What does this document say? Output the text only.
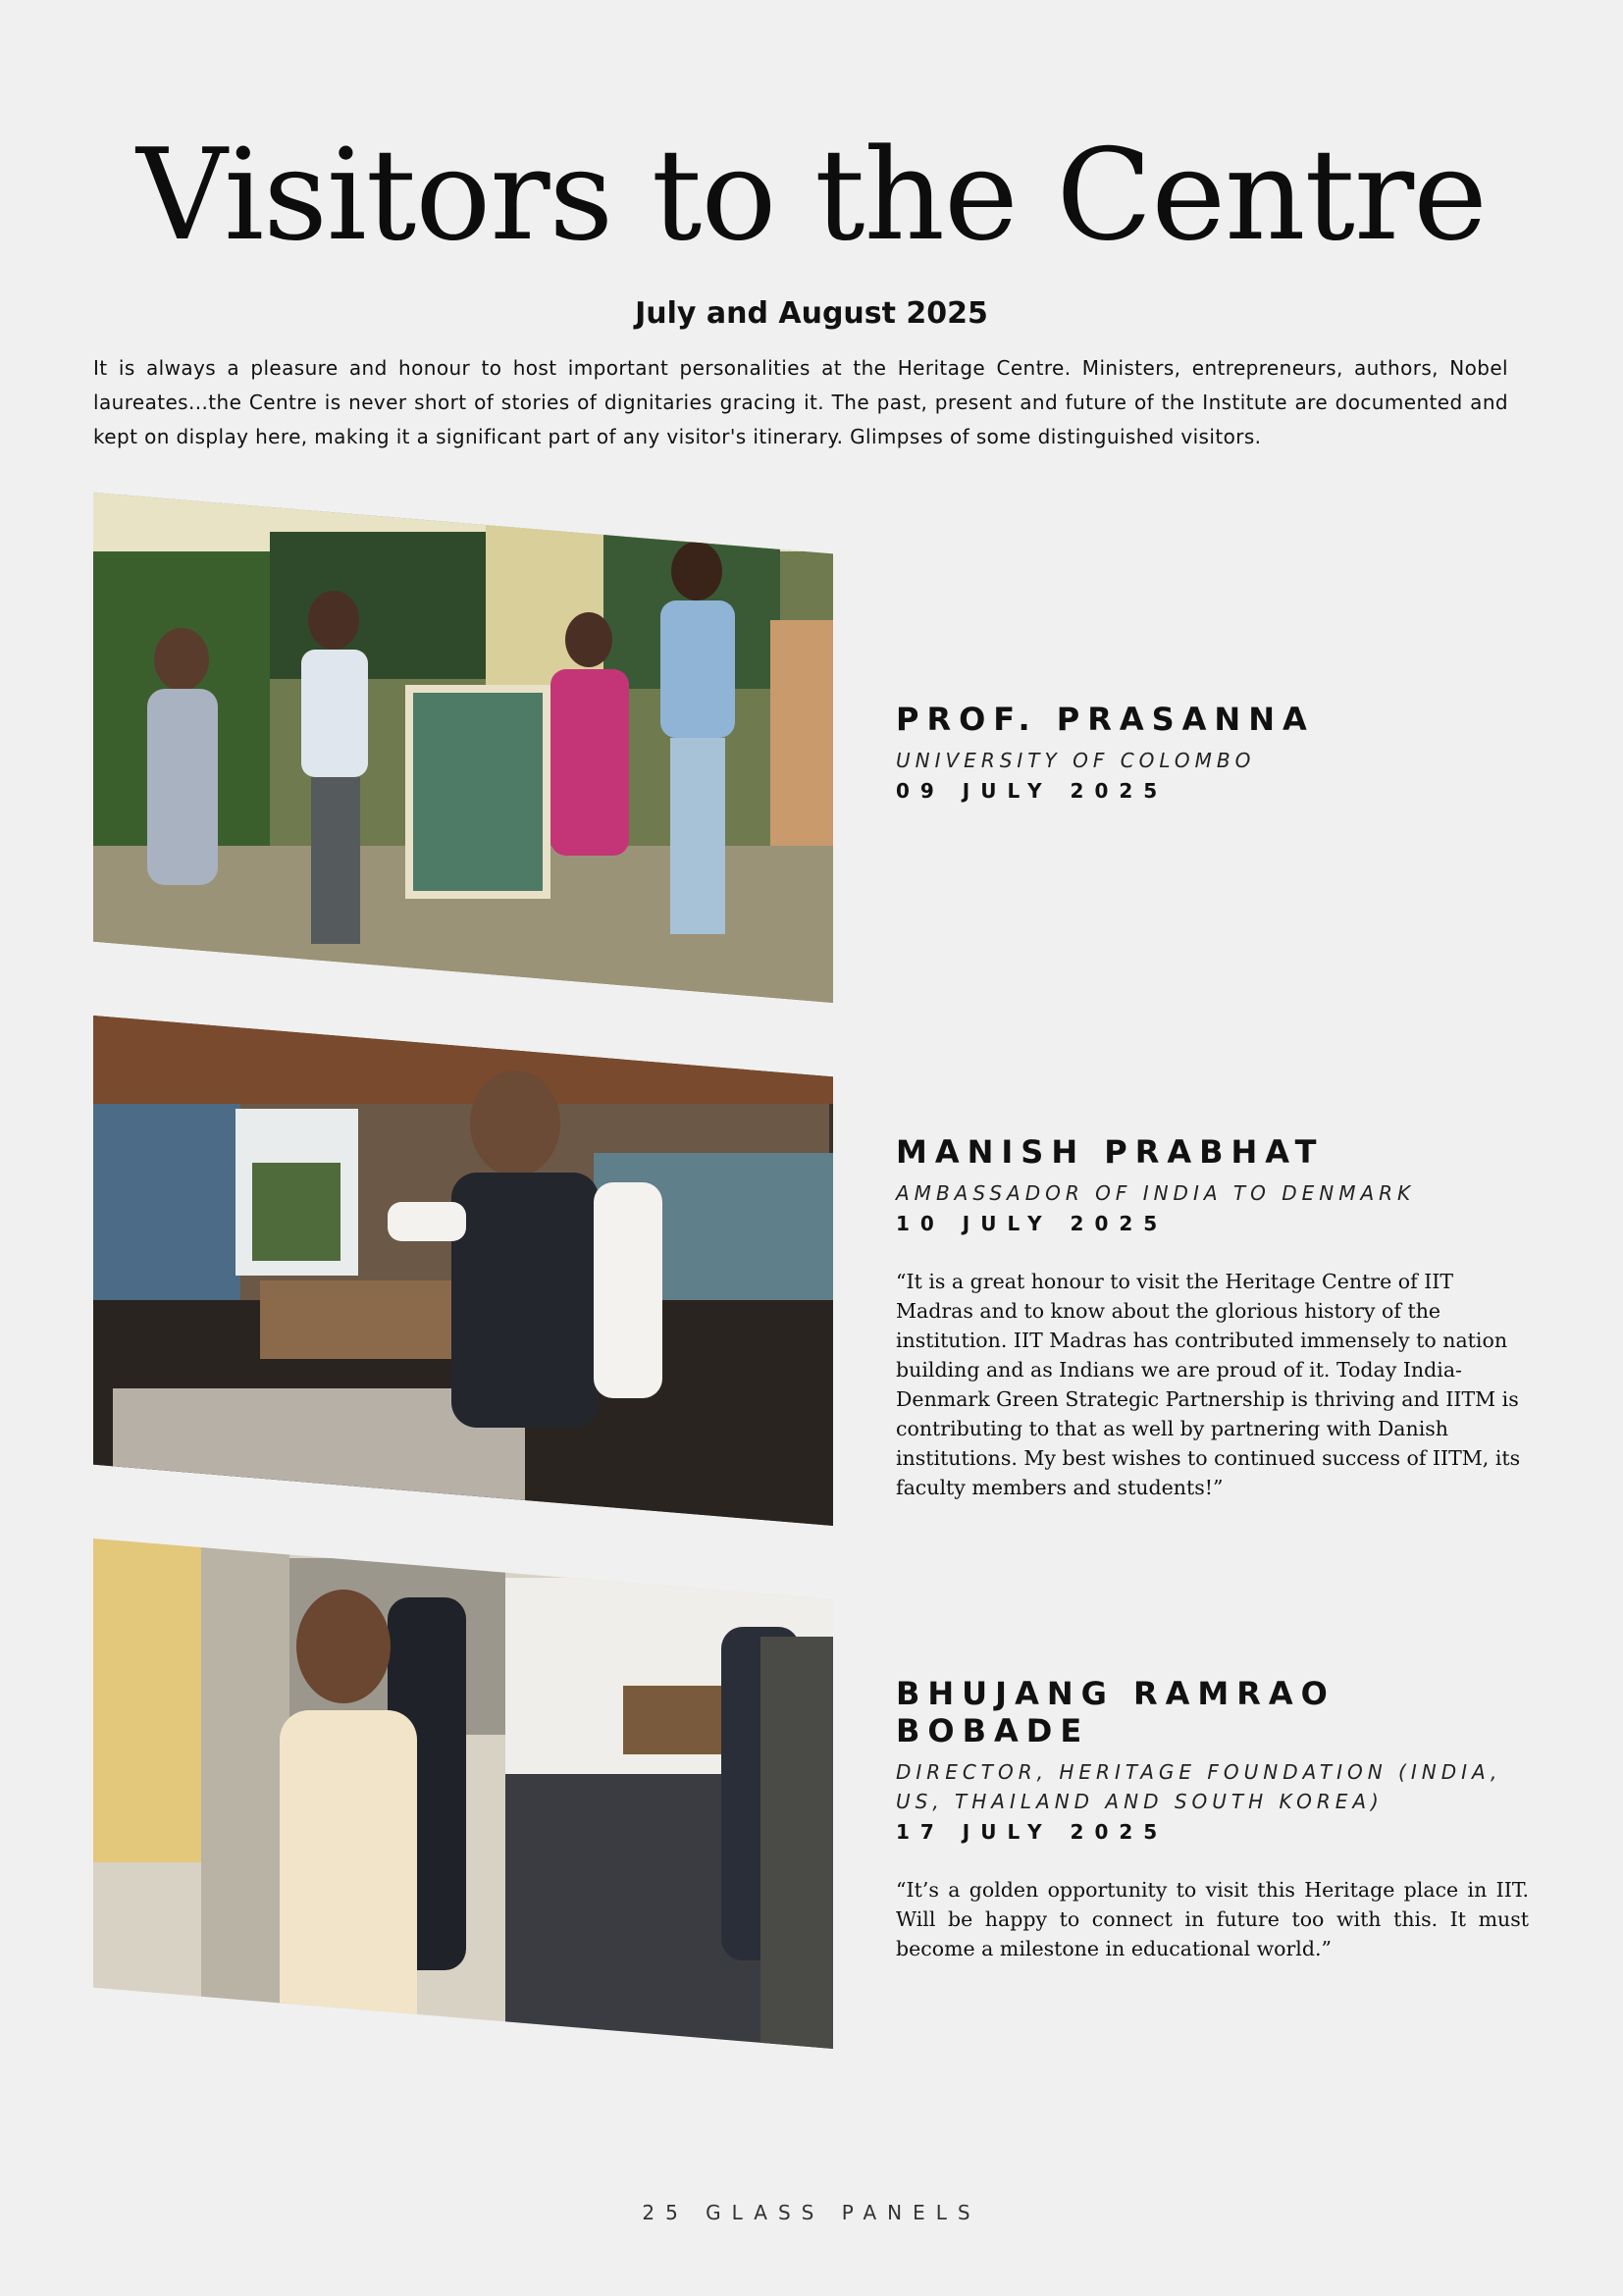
Visitors to the Centre
July and August 2025

It is always a pleasure and honour to host important personalities at the Heritage Centre. Ministers, entrepreneurs, authors, Nobel laureates...the Centre is never short of stories of dignitaries gracing it. The past, present and future of the Institute are documented and kept on display here, making it a significant part of any visitor's itinerary. Glimpses of some distinguished visitors.

PROF. PRASANNA
UNIVERSITY OF COLOMBO
09 JULY 2025
MANISH PRABHAT
AMBASSADOR OF INDIA TO DENMARK
10 JULY 2025
“It is a great honour to visit the Heritage Centre of IIT Madras and to know about the glorious history of the institution. IIT Madras has contributed immensely to nation building and as Indians we are proud of it. Today India-Denmark Green Strategic Partnership is thriving and IITM is contributing to that as well by partnering with Danish institutions. My best wishes to continued success of IITM, its faculty members and students!”
BHUJANG RAMRAO BOBADE
DIRECTOR, HERITAGE FOUNDATION (INDIA, US, THAILAND AND SOUTH KOREA)
17 JULY 2025
“It’s a golden opportunity to visit this Heritage place in IIT. Will be happy to connect in future too with this. It must become a milestone in educational world.”
25 GLASS PANELS
